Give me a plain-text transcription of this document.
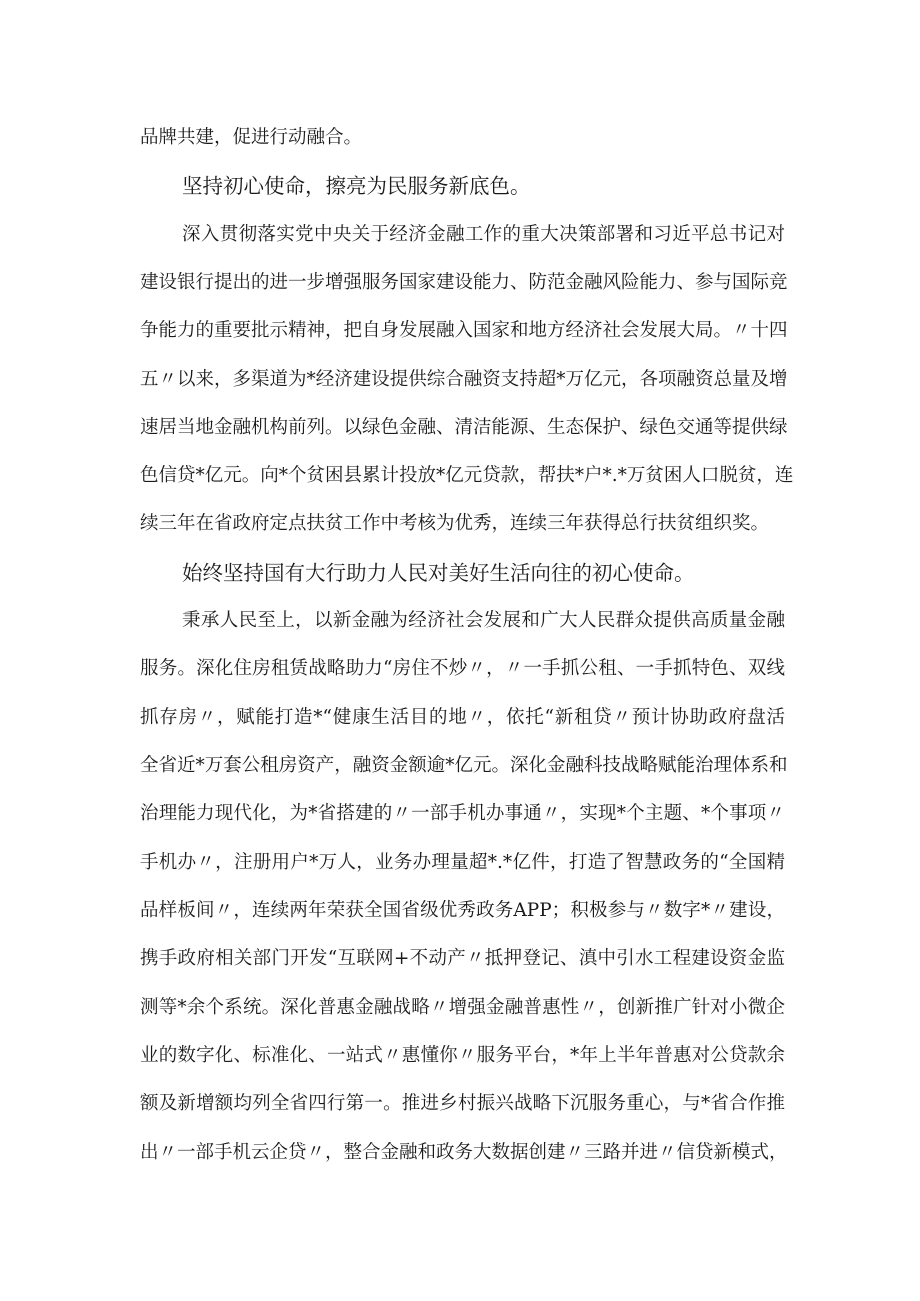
品牌共建，促进行动融合。
坚持初心使命，擦亮为民服务新底色。
深入贯彻落实党中央关于经济金融工作的重大决策部署和习近平总书记对
建设银行提出的进一步增强服务国家建设能力、防范金融风险能力、参与国际竞
争能力的重要批示精神，把自身发展融入国家和地方经济社会发展大局。〃十四
五〃以来，多渠道为*经济建设提供综合融资支持超*万亿元，各项融资总量及增
速居当地金融机构前列。以绿色金融、清洁能源、生态保护、绿色交通等提供绿
色信贷*亿元。向*个贫困县累计投放*亿元贷款，帮扶*户*.*万贫困人口脱贫，连
续三年在省政府定点扶贫工作中考核为优秀，连续三年获得总行扶贫组织奖。
始终坚持国有大行助力人民对美好生活向往的初心使命。
秉承人民至上，以新金融为经济社会发展和广大人民群众提供高质量金融
服务。深化住房租赁战略助力“房住不炒〃，〃一手抓公租、一手抓特色、双线
抓存房〃，赋能打造*“健康生活目的地〃，依托“新租贷〃预计协助政府盘活
全省近*万套公租房资产，融资金额逾*亿元。深化金融科技战略赋能治理体系和
治理能力现代化，为*省搭建的〃一部手机办事通〃，实现*个主题、*个事项〃
手机办〃，注册用户*万人，业务办理量超*.*亿件，打造了智慧政务的“全国精
品样板间〃，连续两年荣获全国省级优秀政务APP；积极参与〃数字*〃建设，
携手政府相关部门开发“互联网+不动产〃抵押登记、滇中引水工程建设资金监
测等*余个系统。深化普惠金融战略〃增强金融普惠性〃，创新推广针对小微企
业的数字化、标准化、一站式〃惠懂你〃服务平台，*年上半年普惠对公贷款余
额及新增额均列全省四行第一。推进乡村振兴战略下沉服务重心，与*省合作推
出〃一部手机云企贷〃，整合金融和政务大数据创建〃三路并进〃信贷新模式，
